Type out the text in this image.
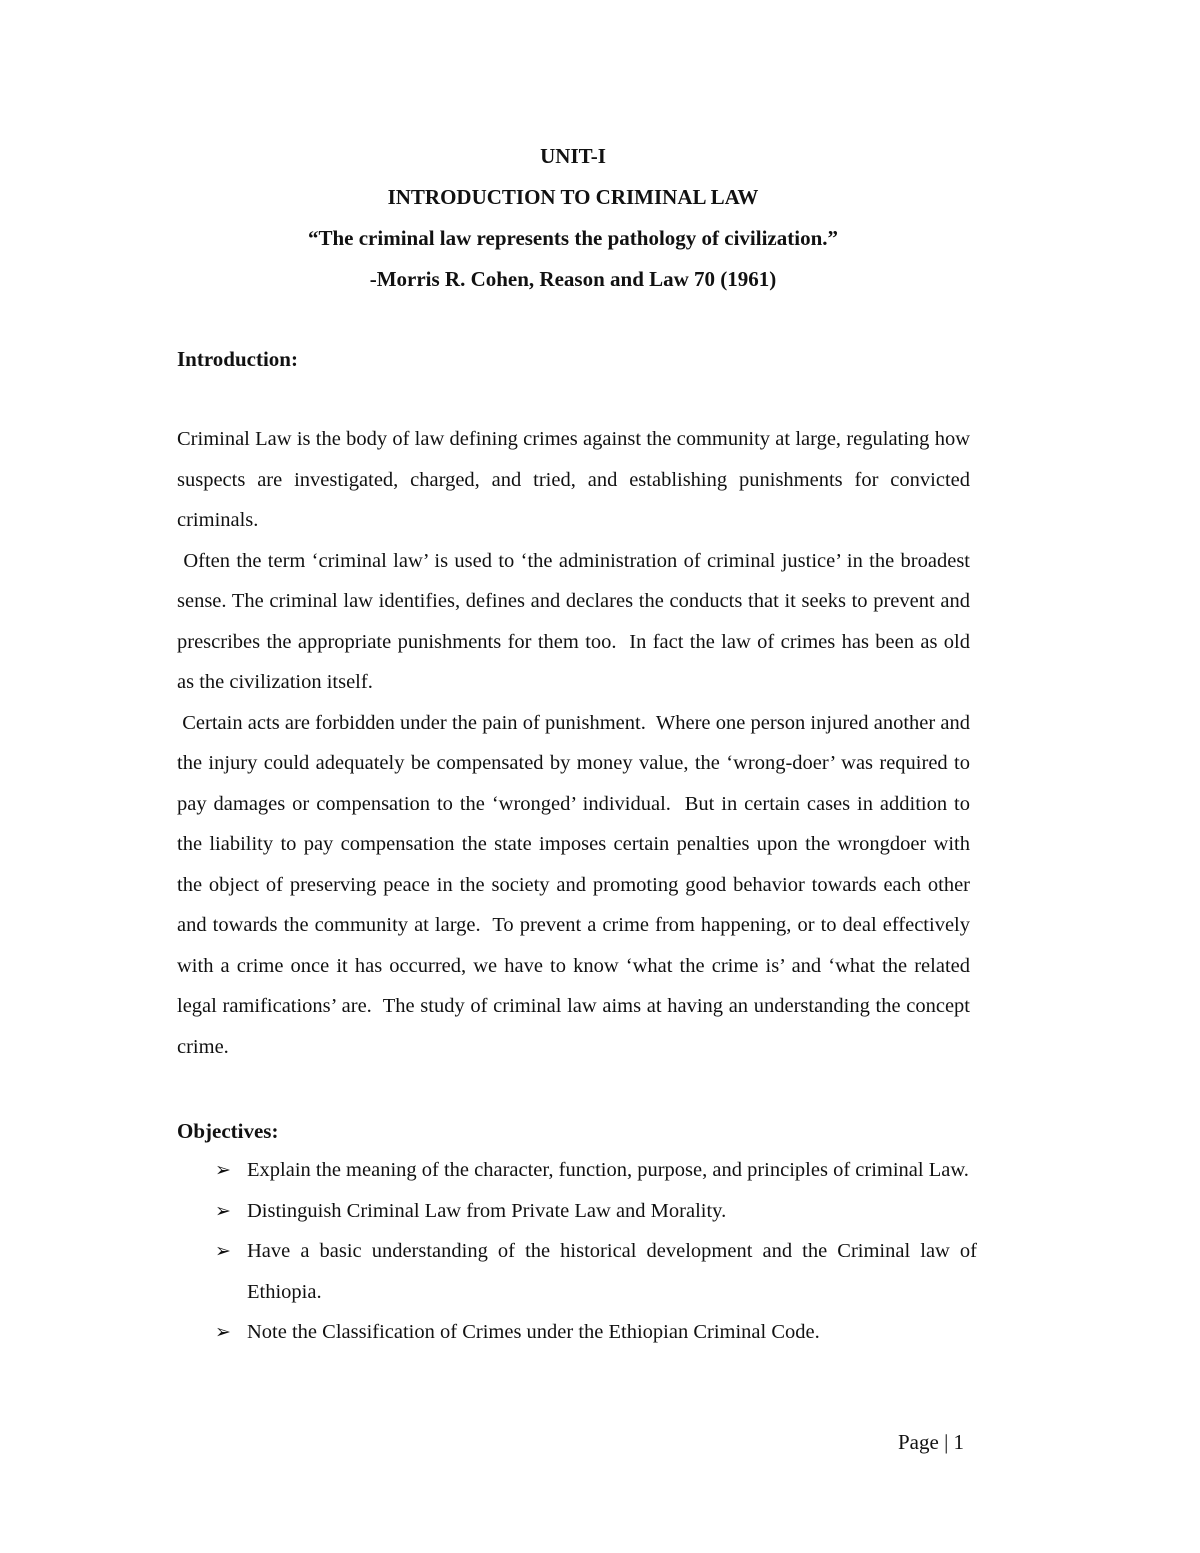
UNIT-I
INTRODUCTION TO CRIMINAL LAW
“The criminal law represents the pathology of civilization.”
-Morris R. Cohen, Reason and Law 70 (1961)
Introduction:

Criminal Law is the body of law defining crimes against the community at large, regulating how suspects are investigated, charged, and tried, and establishing punishments for convicted criminals.

Often the term ‘criminal law’ is used to ‘the administration of criminal justice’ in the broadest sense. The criminal law identifies, defines and declares the conducts that it seeks to prevent and prescribes the appropriate punishments for them too.  In fact the law of crimes has been as old as the civilization itself.

Certain acts are forbidden under the pain of punishment.  Where one person injured another and the injury could adequately be compensated by money value, the ‘wrong-doer’ was required to pay damages or compensation to the ‘wronged’ individual.  But in certain cases in addition to the liability to pay compensation the state imposes certain penalties upon the wrongdoer with the object of preserving peace in the society and promoting good behavior towards each other and towards the community at large.  To prevent a crime from happening, or to deal effectively with a crime once it has occurred, we have to know ‘what the crime is’ and ‘what the related legal ramifications’ are.  The study of criminal law aims at having an understanding the concept crime.

Objectives:
➢ Explain the meaning of the character, function, purpose, and principles of criminal Law.
➢ Distinguish Criminal Law from Private Law and Morality.
➢ Have a basic understanding of the historical development and the Criminal law of Ethiopia.
➢ Note the Classification of Crimes under the Ethiopian Criminal Code.
Page | 1
